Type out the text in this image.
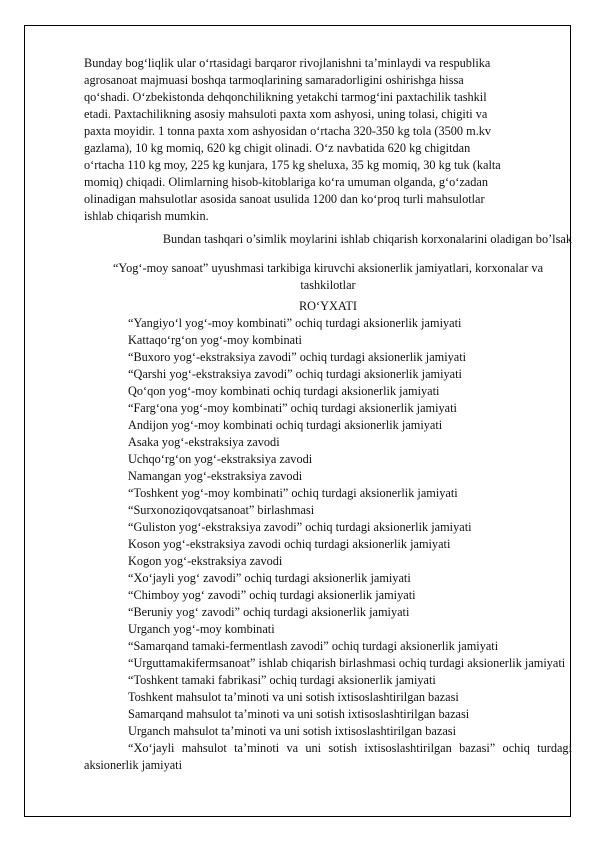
Bunday bog‘liqlik ular o‘rtasidagi barqaror rivojlanishni ta’minlaydi va respublika
agrosanoat majmuasi boshqa tarmoqlarining samaradorligini oshirishga hissa
qo‘shadi. O‘zbekistonda dehqonchilikning yetakchi tarmog‘ini paxtachilik tashkil
etadi. Paxtachilikning asosiy mahsuloti paxta xom ashyosi, uning tolasi, chigiti va
paxta moyidir. 1 tonna paxta xom ashyosidan o‘rtacha 320-350 kg tola (3500 m.kv
gazlama), 10 kg momiq, 620 kg chigit olinadi. O‘z navbatida 620 kg chigitdan
o‘rtacha 110 kg moy, 225 kg kunjara, 175 kg sheluxa, 35 kg momiq, 30 kg tuk (kalta
momiq) chiqadi. Olimlarning hisob-kitoblariga ko‘ra umuman olganda, g‘o‘zadan
olinadigan mahsulotlar asosida sanoat usulida 1200 dan ko‘proq turli mahsulotlar
ishlab chiqarish mumkin.

Bundan tashqari o’simlik moylarini ishlab chiqarish korxonalarini oladigan bo’lsak

“Yog‘-moy sanoat” uyushmasi tarkibiga kiruvchi aksionerlik jamiyatlari, korxonalar va tashkilotlar

RO‘YXATI

“Yangiyo‘l yog‘-moy kombinati” ochiq turdagi aksionerlik jamiyati
Kattaqo‘rg‘on yog‘-moy kombinati
“Buxoro yog‘-ekstraksiya zavodi” ochiq turdagi aksionerlik jamiyati
“Qarshi yog‘-ekstraksiya zavodi” ochiq turdagi aksionerlik jamiyati
Qo‘qon yog‘-moy kombinati ochiq turdagi aksionerlik jamiyati
“Farg‘ona yog‘-moy kombinati” ochiq turdagi aksionerlik jamiyati
Andijon yog‘-moy kombinati ochiq turdagi aksionerlik jamiyati
Asaka yog‘-ekstraksiya zavodi
Uchqo‘rg‘on yog‘-ekstraksiya zavodi
Namangan yog‘-ekstraksiya zavodi
“Toshkent yog‘-moy kombinati” ochiq turdagi aksionerlik jamiyati
“Surxonoziqovqatsanoat” birlashmasi
“Guliston yog‘-ekstraksiya zavodi” ochiq turdagi aksionerlik jamiyati
Koson yog‘-ekstraksiya zavodi ochiq turdagi aksionerlik jamiyati
Kogon yog‘-ekstraksiya zavodi
“Xo‘jayli yog‘ zavodi” ochiq turdagi aksionerlik jamiyati
“Chimboy yog‘ zavodi” ochiq turdagi aksionerlik jamiyati
“Beruniy yog‘ zavodi” ochiq turdagi aksionerlik jamiyati
Urganch yog‘-moy kombinati
“Samarqand tamaki-fermentlash zavodi” ochiq turdagi aksionerlik jamiyati
“Urguttamakifermsanoat” ishlab chiqarish birlashmasi ochiq turdagi aksionerlik jamiyati
“Toshkent tamaki fabrikasi” ochiq turdagi aksionerlik jamiyati
Toshkent mahsulot ta’minoti va uni sotish ixtisoslashtirilgan bazasi
Samarqand mahsulot ta’minoti va uni sotish ixtisoslashtirilgan bazasi
Urganch mahsulot ta’minoti va uni sotish ixtisoslashtirilgan bazasi
“Xo‘jayli mahsulot ta’minoti va uni sotish ixtisoslashtirilgan bazasi” ochiq turdagi aksionerlik jamiyati
